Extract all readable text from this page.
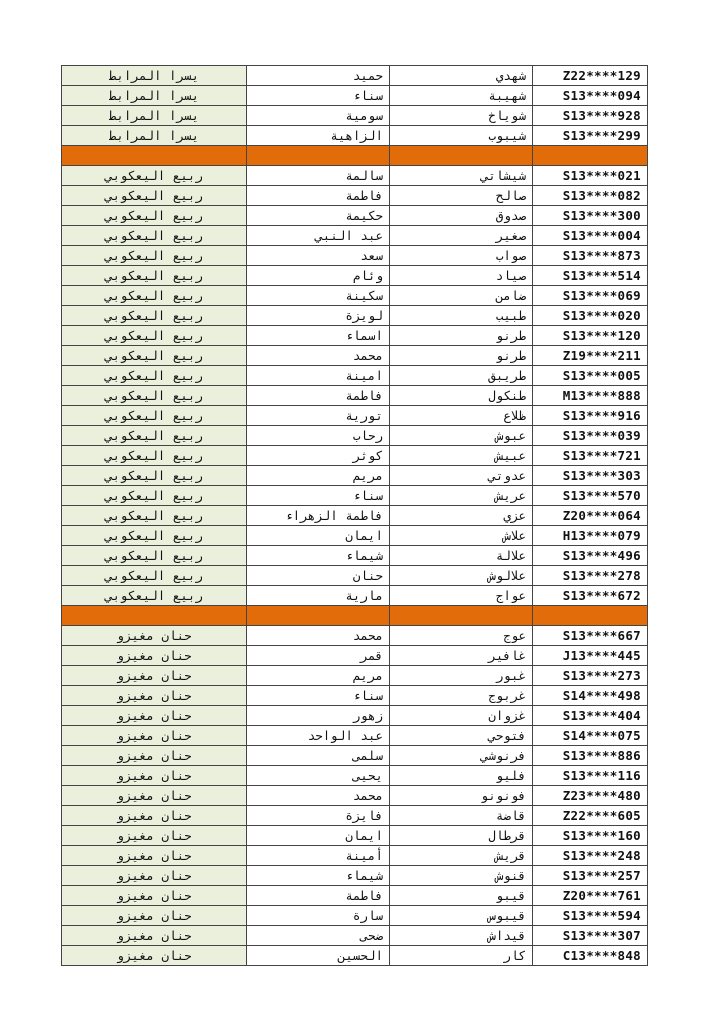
يسرا المرابط	حميد	شهدي	Z22****129
يسرا المرابط	سناء	شهيبة	S13****094
يسرا المرابط	سومية	شوياخ	S13****928
يسرا المرابط	الزاهية	شيبوب	S13****299

ربيع اليعكوبي	سالمة	شيشاتي	S13****021
ربيع اليعكوبي	فاطمة	صالح	S13****082
ربيع اليعكوبي	حكيمة	صدوق	S13****300
ربيع اليعكوبي	عبد النبي	صغير	S13****004
ربيع اليعكوبي	سعد	صواب	S13****873
ربيع اليعكوبي	وئام	صياد	S13****514
ربيع اليعكوبي	سكينة	ضامن	S13****069
ربيع اليعكوبي	لويزة	طبيب	S13****020
ربيع اليعكوبي	اسماء	طرنو	S13****120
ربيع اليعكوبي	محمد	طرنو	Z19****211
ربيع اليعكوبي	امينة	طريبق	S13****005
ربيع اليعكوبي	فاطمة	طنكول	M13****888
ربيع اليعكوبي	تورية	ظلاع	S13****916
ربيع اليعكوبي	رحاب	عبوش	S13****039
ربيع اليعكوبي	كوثر	عبيش	S13****721
ربيع اليعكوبي	مريم	عدوتي	S13****303
ربيع اليعكوبي	سناء	عريش	S13****570
ربيع اليعكوبي	فاطمة الزهراء	عزي	Z20****064
ربيع اليعكوبي	ايمان	علاش	H13****079
ربيع اليعكوبي	شيماء	علالة	S13****496
ربيع اليعكوبي	حنان	علالوش	S13****278
ربيع اليعكوبي	مارية	عواج	S13****672

حنان مغيزو	محمد	عوج	S13****667
حنان مغيزو	قمر	غافير	J13****445
حنان مغيزو	مريم	غبور	S13****273
حنان مغيزو	سناء	غربوج	S14****498
حنان مغيزو	زهور	غزوان	S13****404
حنان مغيزو	عبد الواحد	فتوحي	S14****075
حنان مغيزو	سلمى	فرنوشي	S13****886
حنان مغيزو	يحيى	فليو	S13****116
حنان مغيزو	محمد	فونونو	Z23****480
حنان مغيزو	فايزة	قاضة	Z22****605
حنان مغيزو	ايمان	قرطال	S13****160
حنان مغيزو	أمينة	قريش	S13****248
حنان مغيزو	شيماء	قنوش	S13****257
حنان مغيزو	فاطمة	قيبو	Z20****761
حنان مغيزو	سارة	قيبوس	S13****594
حنان مغيزو	ضحى	قيداش	S13****307
حنان مغيزو	الحسين	كار	C13****848
